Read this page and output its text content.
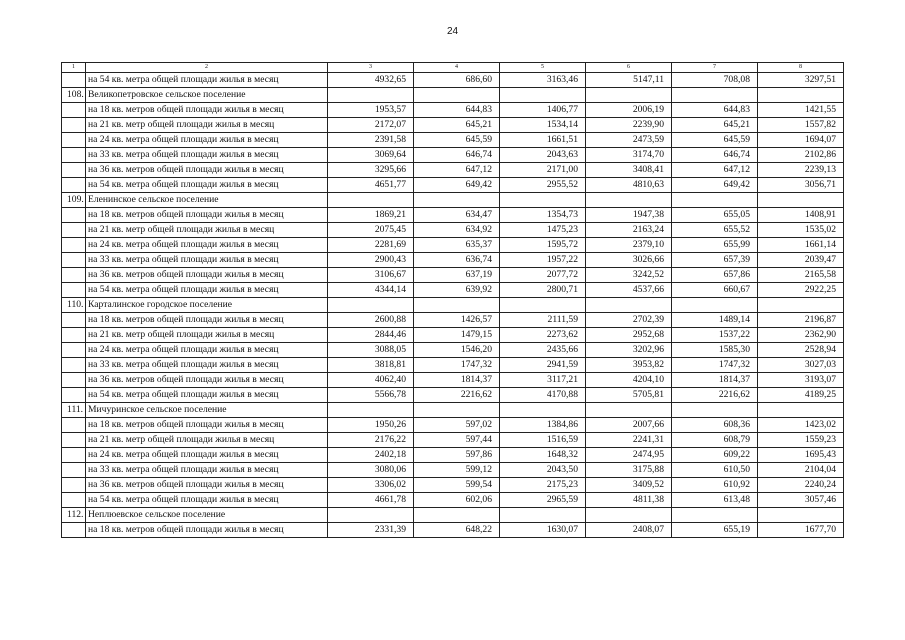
24
1	2	3	4	5	6	7	8
	на 54 кв. метра общей площади жилья в месяц	4932,65	686,60	3163,46	5147,11	708,08	3297,51
108.	Великопетровское сельское поселение						
	на 18 кв. метров общей площади жилья в месяц	1953,57	644,83	1406,77	2006,19	644,83	1421,55
	на 21 кв. метр общей площади жилья в месяц	2172,07	645,21	1534,14	2239,90	645,21	1557,82
	на 24 кв. метра общей площади жилья в месяц	2391,58	645,59	1661,51	2473,59	645,59	1694,07
	на 33 кв. метра общей площади жилья в месяц	3069,64	646,74	2043,63	3174,70	646,74	2102,86
	на 36 кв. метров общей площади жилья в месяц	3295,66	647,12	2171,00	3408,41	647,12	2239,13
	на 54 кв. метра общей площади жилья в месяц	4651,77	649,42	2955,52	4810,63	649,42	3056,71
109.	Еленинское сельское поселение						
	на 18 кв. метров общей площади жилья в месяц	1869,21	634,47	1354,73	1947,38	655,05	1408,91
	на 21 кв. метр общей площади жилья в месяц	2075,45	634,92	1475,23	2163,24	655,52	1535,02
	на 24 кв. метра общей площади жилья в месяц	2281,69	635,37	1595,72	2379,10	655,99	1661,14
	на 33 кв. метра общей площади жилья в месяц	2900,43	636,74	1957,22	3026,66	657,39	2039,47
	на 36 кв. метров общей площади жилья в месяц	3106,67	637,19	2077,72	3242,52	657,86	2165,58
	на 54 кв. метра общей площади жилья в месяц	4344,14	639,92	2800,71	4537,66	660,67	2922,25
110.	Карталинское городское поселение						
	на 18 кв. метров общей площади жилья в месяц	2600,88	1426,57	2111,59	2702,39	1489,14	2196,87
	на 21 кв. метр общей площади жилья в месяц	2844,46	1479,15	2273,62	2952,68	1537,22	2362,90
	на 24 кв. метра общей площади жилья в месяц	3088,05	1546,20	2435,66	3202,96	1585,30	2528,94
	на 33 кв. метра общей площади жилья в месяц	3818,81	1747,32	2941,59	3953,82	1747,32	3027,03
	на 36 кв. метров общей площади жилья в месяц	4062,40	1814,37	3117,21	4204,10	1814,37	3193,07
	на 54 кв. метра общей площади жилья в месяц	5566,78	2216,62	4170,88	5705,81	2216,62	4189,25
111.	Мичуринское сельское поселение						
	на 18 кв. метров общей площади жилья в месяц	1950,26	597,02	1384,86	2007,66	608,36	1423,02
	на 21 кв. метр общей площади жилья в месяц	2176,22	597,44	1516,59	2241,31	608,79	1559,23
	на 24 кв. метра общей площади жилья в месяц	2402,18	597,86	1648,32	2474,95	609,22	1695,43
	на 33 кв. метра общей площади жилья в месяц	3080,06	599,12	2043,50	3175,88	610,50	2104,04
	на 36 кв. метров общей площади жилья в месяц	3306,02	599,54	2175,23	3409,52	610,92	2240,24
	на 54 кв. метра общей площади жилья в месяц	4661,78	602,06	2965,59	4811,38	613,48	3057,46
112.	Неплюевское сельское поселение						
	на 18 кв. метров общей площади жилья в месяц	2331,39	648,22	1630,07	2408,07	655,19	1677,70
